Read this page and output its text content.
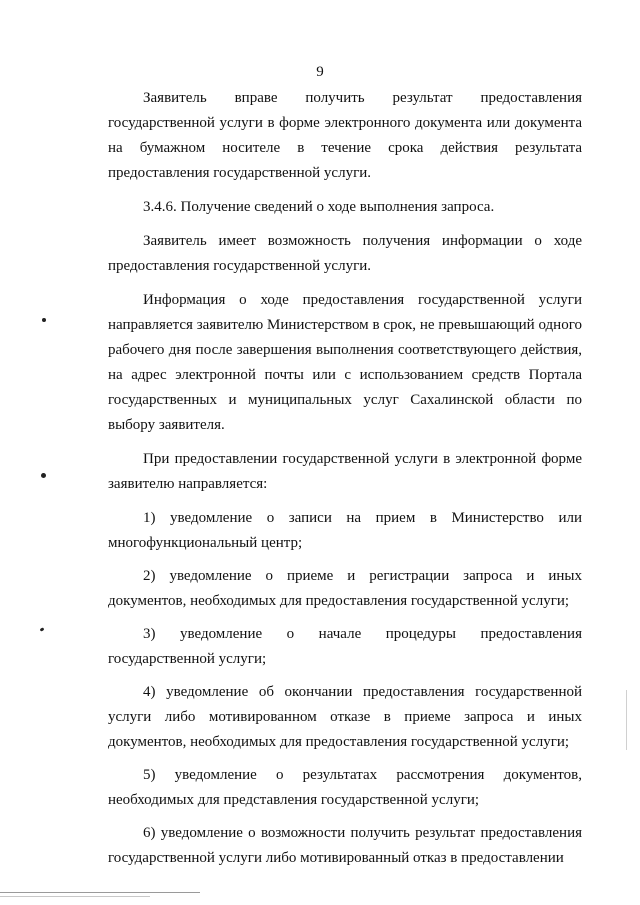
9

Заявитель вправе получить результат предоставления государственной услуги в форме электронного документа или документа на бумажном носителе в течение срока действия результата предоставления государственной услуги.

3.4.6. Получение сведений о ходе выполнения запроса.

Заявитель имеет возможность получения информации о ходе предоставления государственной услуги.

Информация о ходе предоставления государственной услуги направляется заявителю Министерством в срок, не превышающий одного рабочего дня после завершения выполнения соответствующего действия, на адрес электронной почты или с использованием средств Портала государственных и муниципальных услуг Сахалинской области по выбору заявителя.

При предоставлении государственной услуги в электронной форме заявителю направляется:

1) уведомление о записи на прием в Министерство или многофункциональный центр;

2) уведомление о приеме и регистрации запроса и иных документов, необходимых для предоставления государственной услуги;

3) уведомление о начале процедуры предоставления государственной услуги;

4) уведомление об окончании предоставления государственной услуги либо мотивированном отказе в приеме запроса и иных документов, необходимых для предоставления государственной услуги;

5) уведомление о результатах рассмотрения документов, необходимых для представления государственной услуги;

6) уведомление о возможности получить результат предоставления государственной услуги либо мотивированный отказ в предоставлении
